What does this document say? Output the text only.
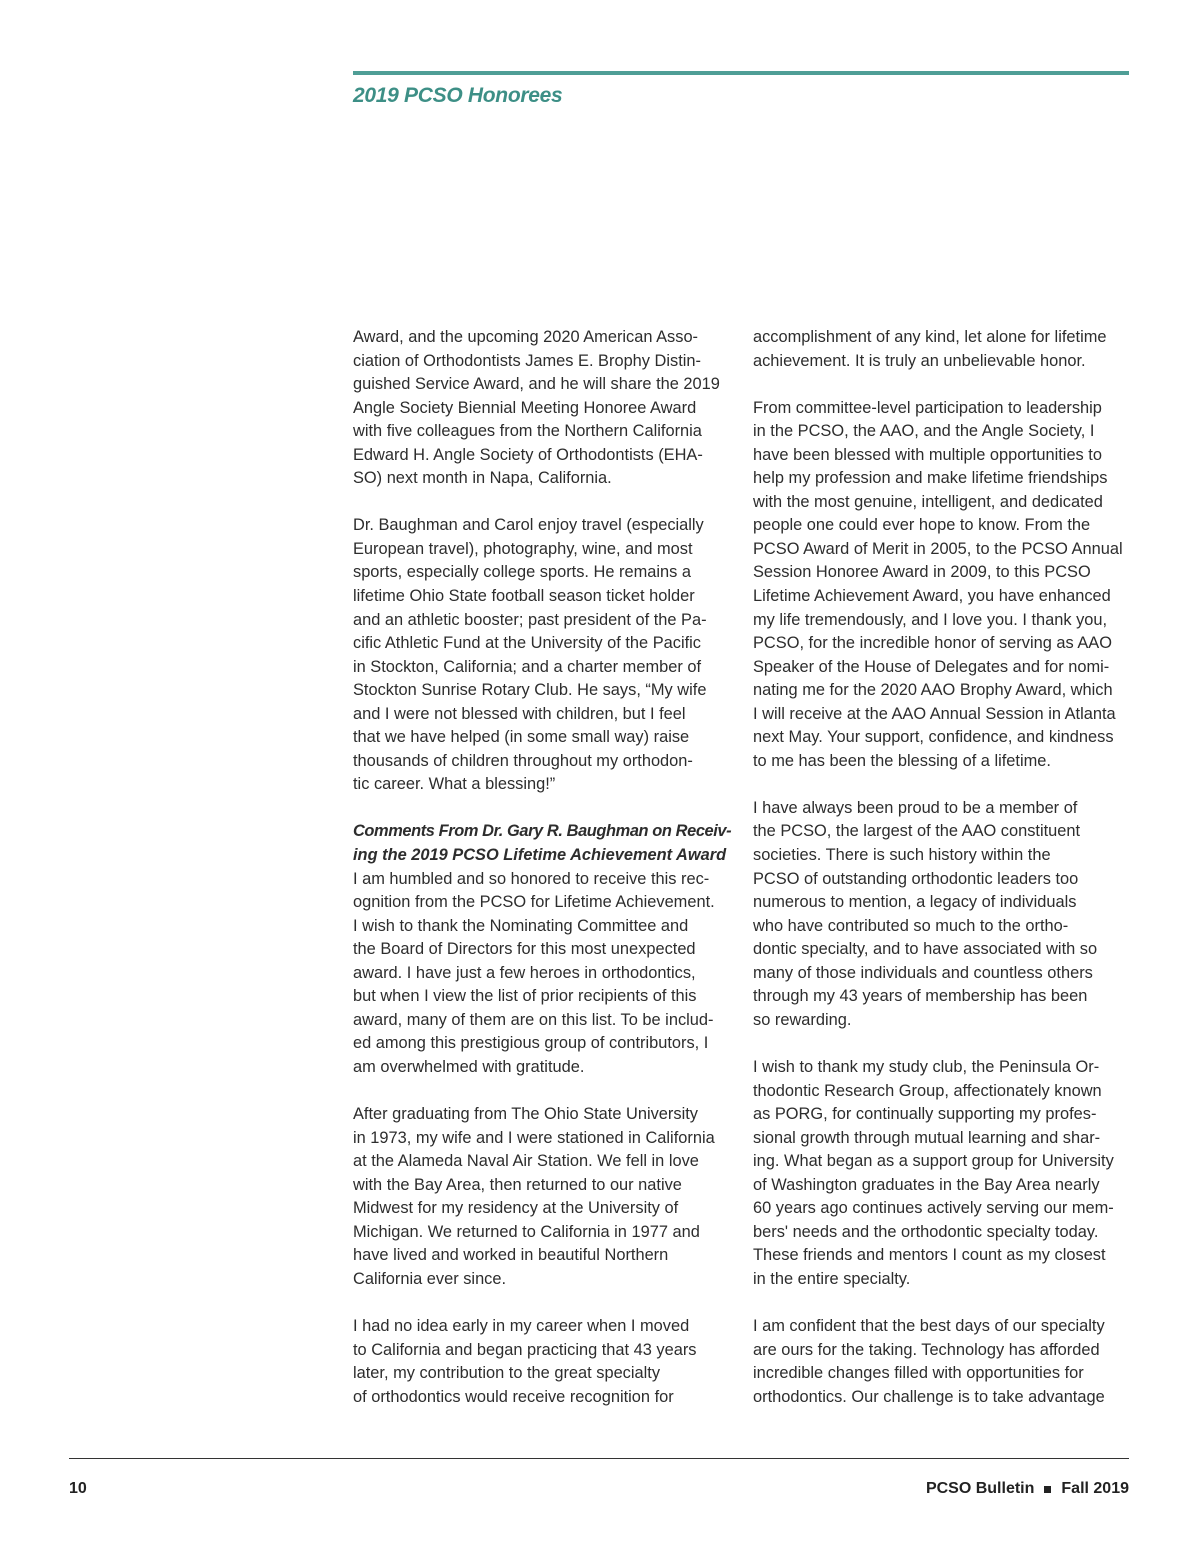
2019 PCSO Honorees
Award, and the upcoming 2020 American Asso-
ciation of Orthodontists James E. Brophy Distin-
guished Service Award, and he will share the 2019
Angle Society Biennial Meeting Honoree Award
with five colleagues from the Northern California
Edward H. Angle Society of Orthodontists (EHA-
SO) next month in Napa, California.
Dr. Baughman and Carol enjoy travel (especially
European travel), photography, wine, and most
sports, especially college sports. He remains a
lifetime Ohio State football season ticket holder
and an athletic booster; past president of the Pa-
cific Athletic Fund at the University of the Pacific
in Stockton, California; and a charter member of
Stockton Sunrise Rotary Club. He says, “My wife
and I were not blessed with children, but I feel
that we have helped (in some small way) raise
thousands of children throughout my orthodon-
tic career. What a blessing!”
Comments From Dr. Gary R. Baughman on Receiv-
ing the 2019 PCSO Lifetime Achievement Award
I am humbled and so honored to receive this rec-
ognition from the PCSO for Lifetime Achievement.
I wish to thank the Nominating Committee and
the Board of Directors for this most unexpected
award. I have just a few heroes in orthodontics,
but when I view the list of prior recipients of this
award, many of them are on this list. To be includ-
ed among this prestigious group of contributors, I
am overwhelmed with gratitude.
After graduating from The Ohio State University
in 1973, my wife and I were stationed in California
at the Alameda Naval Air Station. We fell in love
with the Bay Area, then returned to our native
Midwest for my residency at the University of
Michigan. We returned to California in 1977 and
have lived and worked in beautiful Northern
California ever since.
I had no idea early in my career when I moved
to California and began practicing that 43 years
later, my contribution to the great specialty
of orthodontics would receive recognition for
accomplishment of any kind, let alone for lifetime
achievement. It is truly an unbelievable honor.
From committee-level participation to leadership
in the PCSO, the AAO, and the Angle Society, I
have been blessed with multiple opportunities to
help my profession and make lifetime friendships
with the most genuine, intelligent, and dedicated
people one could ever hope to know. From the
PCSO Award of Merit in 2005, to the PCSO Annual
Session Honoree Award in 2009, to this PCSO
Lifetime Achievement Award, you have enhanced
my life tremendously, and I love you. I thank you,
PCSO, for the incredible honor of serving as AAO
Speaker of the House of Delegates and for nomi-
nating me for the 2020 AAO Brophy Award, which
I will receive at the AAO Annual Session in Atlanta
next May. Your support, confidence, and kindness
to me has been the blessing of a lifetime.
I have always been proud to be a member of
the PCSO, the largest of the AAO constituent
societies. There is such history within the
PCSO of outstanding orthodontic leaders too
numerous to mention, a legacy of individuals
who have contributed so much to the ortho-
dontic specialty, and to have associated with so
many of those individuals and countless others
through my 43 years of membership has been
so rewarding.
I wish to thank my study club, the Peninsula Or-
thodontic Research Group, affectionately known
as PORG, for continually supporting my profes-
sional growth through mutual learning and shar-
ing. What began as a support group for University
of Washington graduates in the Bay Area nearly
60 years ago continues actively serving our mem-
bers' needs and the orthodontic specialty today.
These friends and mentors I count as my closest
in the entire specialty.
I am confident that the best days of our specialty
are ours for the taking. Technology has afforded
incredible changes filled with opportunities for
orthodontics. Our challenge is to take advantage
10	PCSO Bulletin Fall 2019
